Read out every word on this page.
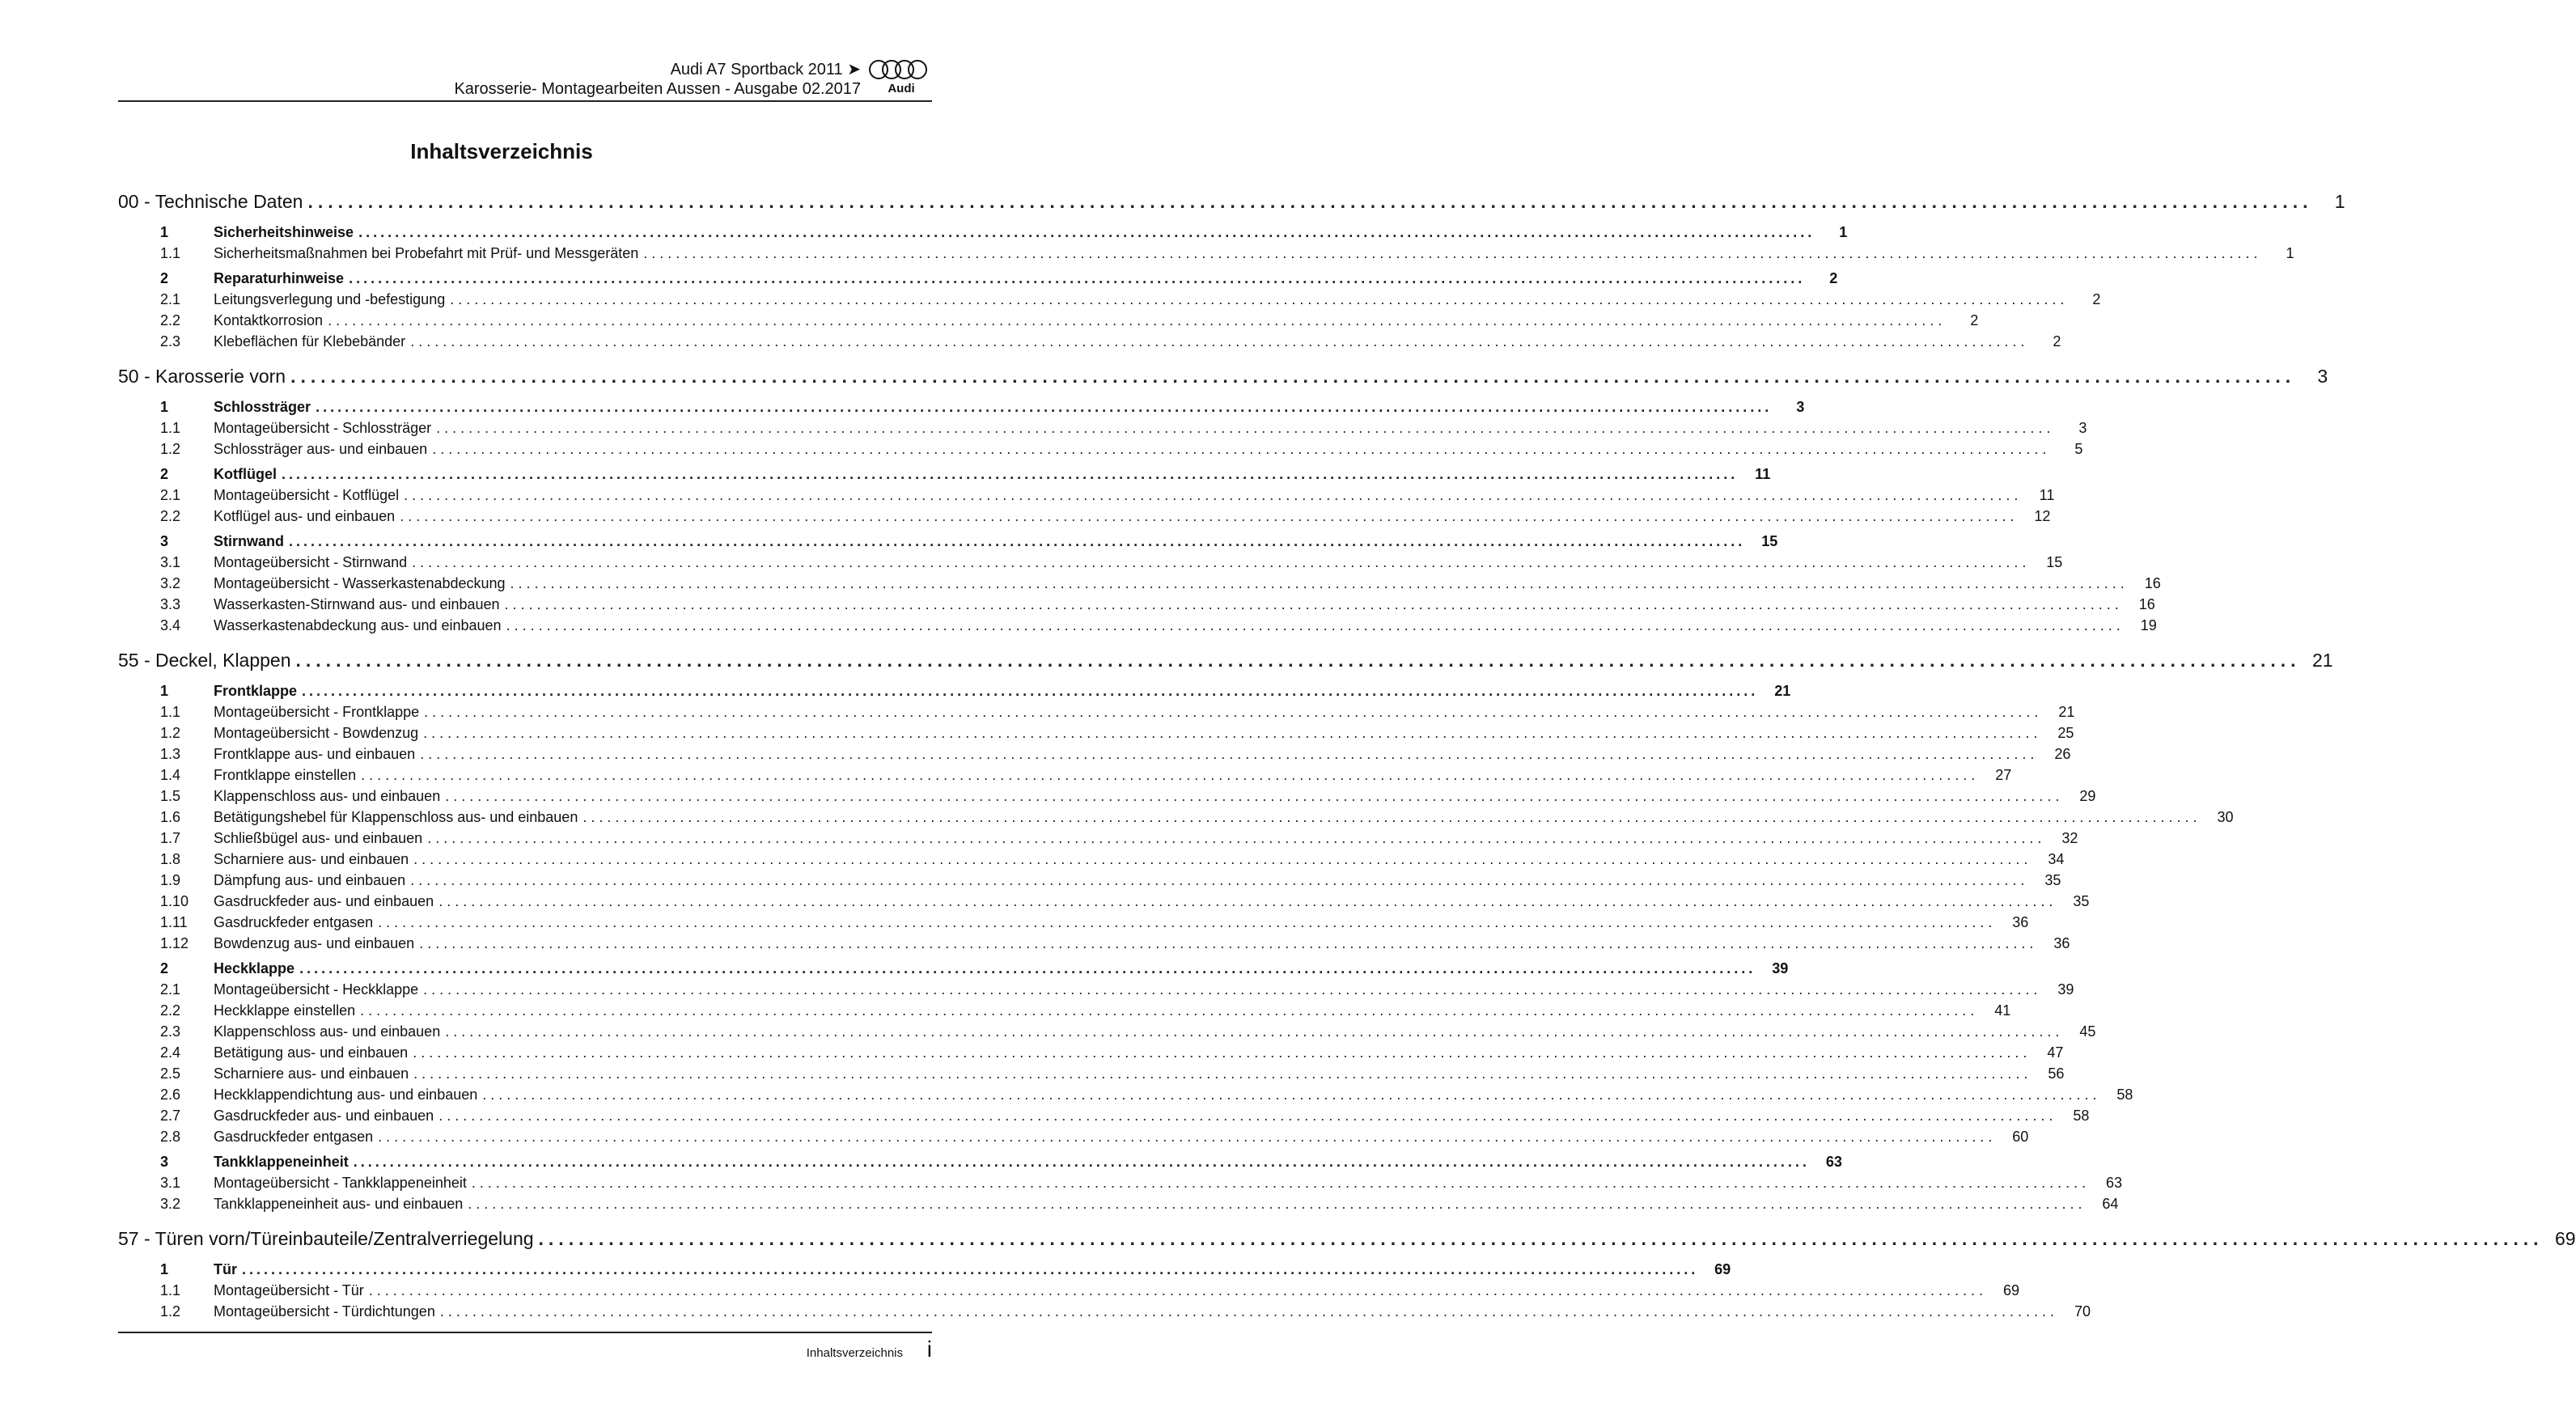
Audi A7 Sportback 2011 ➤
Karosserie- Montagearbeiten Aussen - Ausgabe 02.2017 Audi
Inhaltsverzeichnis
00 - Technische Daten ........................................................................................................................................................................................................	1
1	Sicherheitshinweise ........................................................................................................................................................................................................	1
1.1	Sicherheitsmaßnahmen bei Probefahrt mit Prüf- und Messgeräten ........................................................................................................................................................................................................	1
2	Reparaturhinweise ........................................................................................................................................................................................................	2
2.1	Leitungsverlegung und -befestigung ........................................................................................................................................................................................................	2
2.2	Kontaktkorrosion ........................................................................................................................................................................................................	2
2.3	Klebeflächen für Klebebänder ........................................................................................................................................................................................................	2
50 - Karosserie vorn ........................................................................................................................................................................................................	3
1	Schlossträger ........................................................................................................................................................................................................	3
1.1	Montageübersicht - Schlossträger ........................................................................................................................................................................................................	3
1.2	Schlossträger aus- und einbauen ........................................................................................................................................................................................................	5
2	Kotflügel ........................................................................................................................................................................................................	11
2.1	Montageübersicht - Kotflügel ........................................................................................................................................................................................................	11
2.2	Kotflügel aus- und einbauen ........................................................................................................................................................................................................	12
3	Stirnwand ........................................................................................................................................................................................................	15
3.1	Montageübersicht - Stirnwand ........................................................................................................................................................................................................	15
3.2	Montageübersicht - Wasserkastenabdeckung ........................................................................................................................................................................................................	16
3.3	Wasserkasten-Stirnwand aus- und einbauen ........................................................................................................................................................................................................	16
3.4	Wasserkastenabdeckung aus- und einbauen ........................................................................................................................................................................................................	19
55 - Deckel, Klappen ........................................................................................................................................................................................................ 21
1	Frontklappe ........................................................................................................................................................................................................	21
1.1	Montageübersicht - Frontklappe ........................................................................................................................................................................................................	21
1.2	Montageübersicht - Bowdenzug ........................................................................................................................................................................................................	25
1.3	Frontklappe aus- und einbauen ........................................................................................................................................................................................................	26
1.4	Frontklappe einstellen ........................................................................................................................................................................................................	27
1.5	Klappenschloss aus- und einbauen ........................................................................................................................................................................................................	29
1.6	Betätigungshebel für Klappenschloss aus- und einbauen ........................................................................................................................................................................................................	30
1.7	Schließbügel aus- und einbauen ........................................................................................................................................................................................................	32
1.8	Scharniere aus- und einbauen ........................................................................................................................................................................................................	34
1.9	Dämpfung aus- und einbauen ........................................................................................................................................................................................................	35
1.10	Gasdruckfeder aus- und einbauen ........................................................................................................................................................................................................	35
1.11	Gasdruckfeder entgasen ........................................................................................................................................................................................................	36
1.12	Bowdenzug aus- und einbauen ........................................................................................................................................................................................................	36
2	Heckklappe ........................................................................................................................................................................................................	39
2.1	Montageübersicht - Heckklappe ........................................................................................................................................................................................................	39
2.2	Heckklappe einstellen ........................................................................................................................................................................................................	41
2.3	Klappenschloss aus- und einbauen ........................................................................................................................................................................................................	45
2.4	Betätigung aus- und einbauen ........................................................................................................................................................................................................	47
2.5	Scharniere aus- und einbauen ........................................................................................................................................................................................................	56
2.6	Heckklappendichtung aus- und einbauen ........................................................................................................................................................................................................	58
2.7	Gasdruckfeder aus- und einbauen ........................................................................................................................................................................................................	58
2.8	Gasdruckfeder entgasen ........................................................................................................................................................................................................	60
3	Tankklappeneinheit ........................................................................................................................................................................................................	63
3.1	Montageübersicht - Tankklappeneinheit ........................................................................................................................................................................................................	63
3.2	Tankklappeneinheit aus- und einbauen ........................................................................................................................................................................................................	64
57 - Türen vorn/Türeinbauteile/Zentralverriegelung ........................................................................................................................................................................................................ 69
1	Tür ........................................................................................................................................................................................................	69
1.1	Montageübersicht - Tür ........................................................................................................................................................................................................	69
1.2	Montageübersicht - Türdichtungen ........................................................................................................................................................................................................	70
Inhaltsverzeichnis i
